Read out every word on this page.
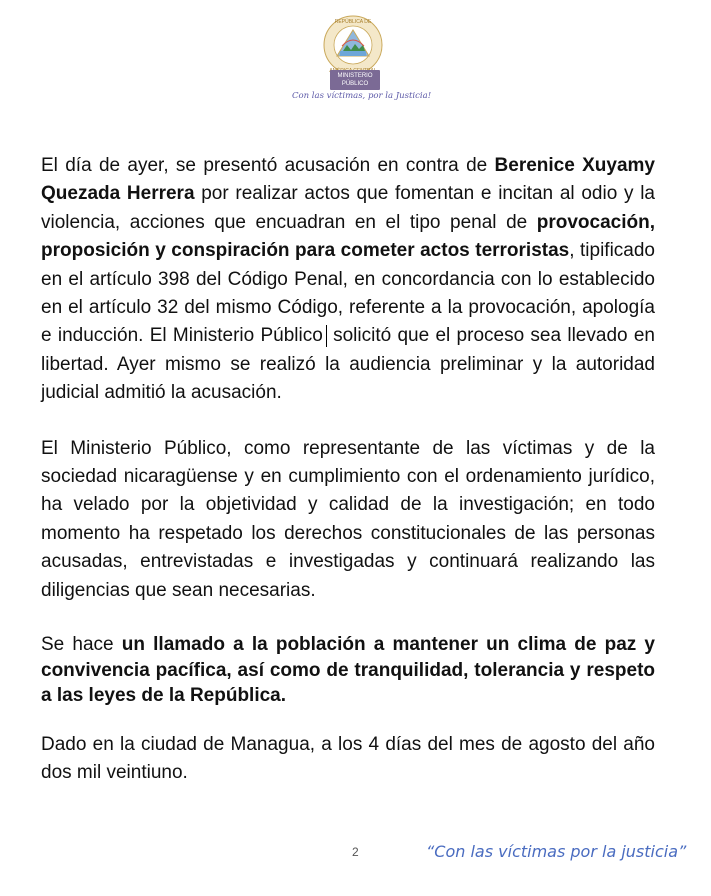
REPÚBLICA DE
MINISTERIO
PÚBLICO
Con las víctimas, por la Justicia!

El día de ayer, se presentó acusación en contra de Berenice Xuyamy Quezada Herrera por realizar actos que fomentan e incitan al odio y la violencia, acciones que encuadran en el tipo penal de provocación, proposición y conspiración para cometer actos terroristas, tipificado en el artículo 398 del Código Penal, en concordancia con lo establecido en el artículo 32 del mismo Código, referente a la provocación, apología e inducción. El Ministerio Público solicitó que el proceso sea llevado en libertad. Ayer mismo se realizó la audiencia preliminar y la autoridad judicial admitió la acusación.

El Ministerio Público, como representante de las víctimas y de la sociedad nicaragüense y en cumplimiento con el ordenamiento jurídico, ha velado por la objetividad y calidad de la investigación; en todo momento ha respetado los derechos constitucionales de las personas acusadas, entrevistadas e investigadas y continuará realizando las diligencias que sean necesarias.

Se hace un llamado a la población a mantener un clima de paz y convivencia pacífica, así como de tranquilidad, tolerancia y respeto a las leyes de la República.

Dado en la ciudad de Managua, a los 4 días del mes de agosto del año dos mil veintiuno.

2	“Con las víctimas por la justicia”
